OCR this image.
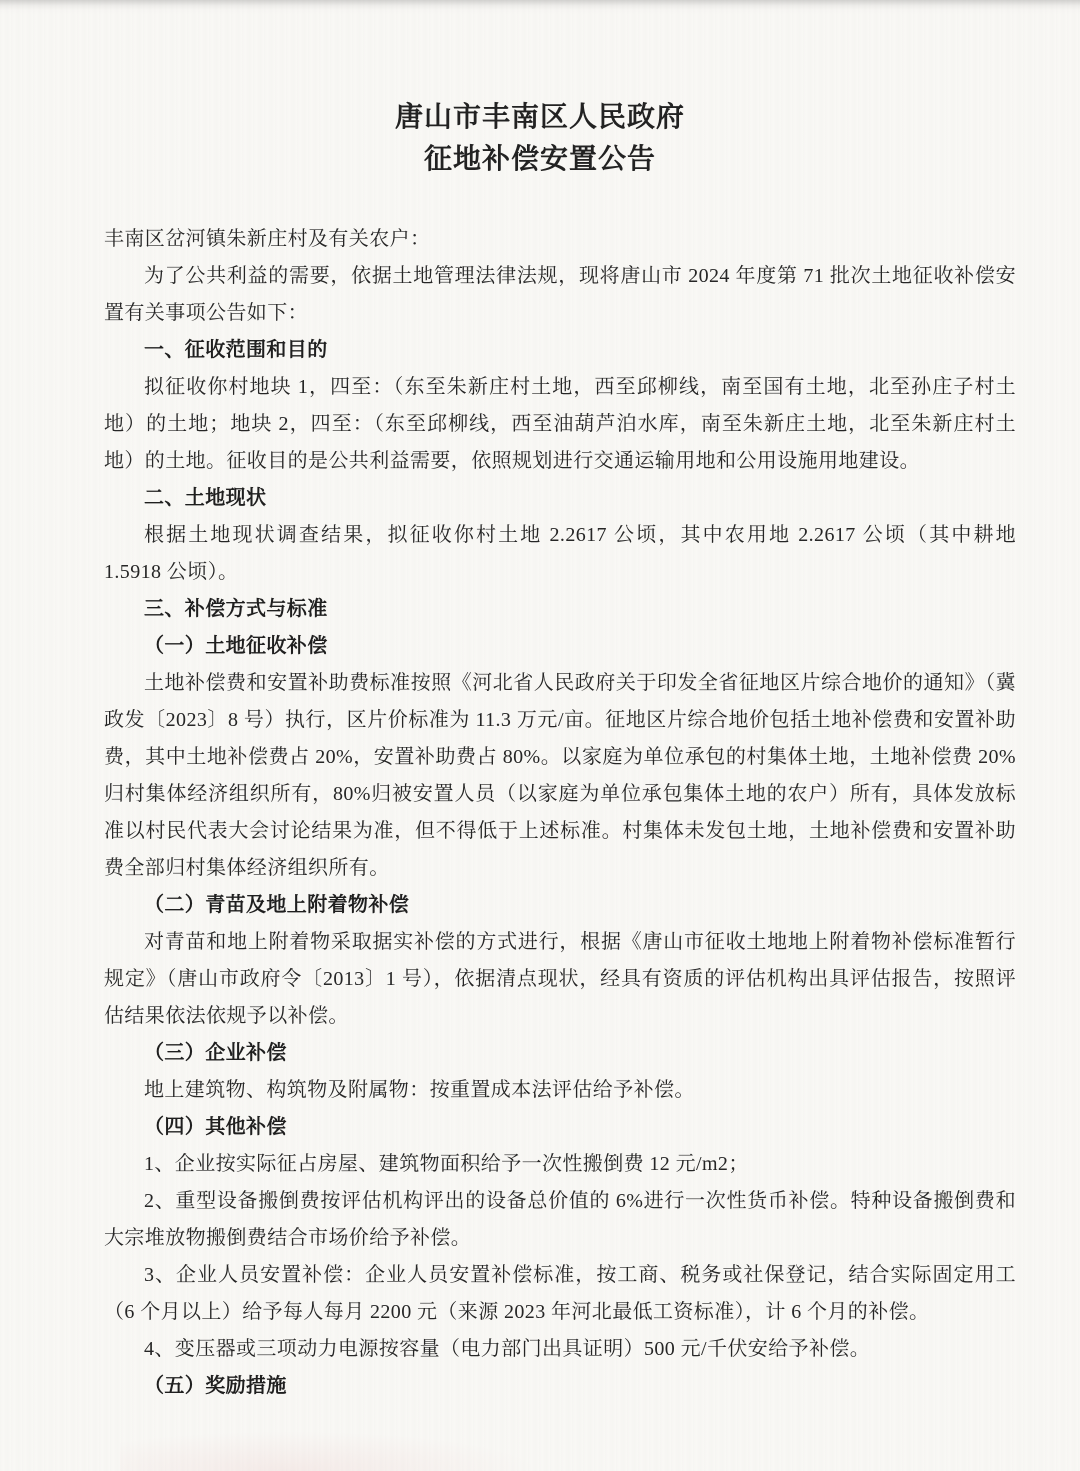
唐山市丰南区人民政府
征地补偿安置公告

丰南区岔河镇朱新庄村及有关农户：

为了公共利益的需要，依据土地管理法律法规，现将唐山市 2024 年度第 71 批次土地征收补偿安置有关事项公告如下：

一、征收范围和目的

拟征收你村地块 1，四至：（东至朱新庄村土地，西至邱柳线，南至国有土地，北至孙庄子村土地）的土地；地块 2，四至：（东至邱柳线，西至油葫芦泊水库，南至朱新庄土地，北至朱新庄村土地）的土地。征收目的是公共利益需要，依照规划进行交通运输用地和公用设施用地建设。

二、土地现状

根据土地现状调查结果，拟征收你村土地 2.2617 公顷，其中农用地 2.2617 公顷（其中耕地 1.5918 公顷）。

三、补偿方式与标准

（一）土地征收补偿

土地补偿费和安置补助费标准按照《河北省人民政府关于印发全省征地区片综合地价的通知》（冀政发〔2023〕8 号）执行，区片价标准为 11.3 万元/亩。征地区片综合地价包括土地补偿费和安置补助费，其中土地补偿费占 20%，安置补助费占 80%。以家庭为单位承包的村集体土地，土地补偿费 20%归村集体经济组织所有，80%归被安置人员（以家庭为单位承包集体土地的农户）所有，具体发放标准以村民代表大会讨论结果为准，但不得低于上述标准。村集体未发包土地，土地补偿费和安置补助费全部归村集体经济组织所有。

（二）青苗及地上附着物补偿

对青苗和地上附着物采取据实补偿的方式进行，根据《唐山市征收土地地上附着物补偿标准暂行规定》（唐山市政府令〔2013〕1 号），依据清点现状，经具有资质的评估机构出具评估报告，按照评估结果依法依规予以补偿。

（三）企业补偿

地上建筑物、构筑物及附属物：按重置成本法评估给予补偿。

（四）其他补偿

1、企业按实际征占房屋、建筑物面积给予一次性搬倒费 12 元/m2；

2、重型设备搬倒费按评估机构评出的设备总价值的 6%进行一次性货币补偿。特种设备搬倒费和大宗堆放物搬倒费结合市场价给予补偿。

3、企业人员安置补偿：企业人员安置补偿标准，按工商、税务或社保登记，结合实际固定用工（6 个月以上）给予每人每月 2200 元（来源 2023 年河北最低工资标准），计 6 个月的补偿。

4、变压器或三项动力电源按容量（电力部门出具证明）500 元/千伏安给予补偿。

（五）奖励措施
